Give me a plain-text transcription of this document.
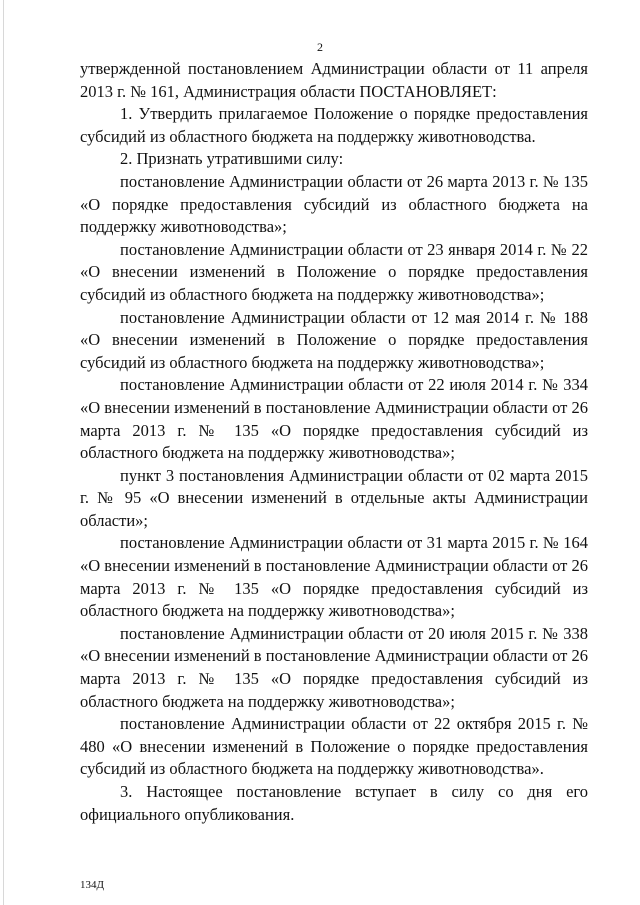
2

утвержденной постановлением Администрации области от 11 апреля 2013 г. № 161, Администрация области ПОСТАНОВЛЯЕТ:

1. Утвердить прилагаемое Положение о порядке предоставления субсидий из областного бюджета на поддержку животноводства.

2. Признать утратившими силу:

постановление Администрации области от 26 марта 2013 г. № 135 «О порядке предоставления субсидий из областного бюджета на поддержку животноводства»;

постановление Администрации области от 23 января 2014 г. № 22 «О внесении изменений в Положение о порядке предоставления субсидий из областного бюджета на поддержку животноводства»;

постановление Администрации области от 12 мая 2014 г. № 188 «О внесении изменений в Положение о порядке предоставления субсидий из областного бюджета на поддержку животноводства»;

постановление Администрации области от 22 июля 2014 г. № 334 «О внесении изменений в постановление Администрации области от 26 марта 2013 г. № 135 «О порядке предоставления субсидий из областного бюджета на поддержку животноводства»;

пункт 3 постановления Администрации области от 02 марта 2015 г. № 95 «О внесении изменений в отдельные акты Администрации области»;

постановление Администрации области от 31 марта 2015 г. № 164 «О внесении изменений в постановление Администрации области от 26 марта 2013 г. № 135 «О порядке предоставления субсидий из областного бюджета на поддержку животноводства»;

постановление Администрации области от 20 июля 2015 г. № 338 «О внесении изменений в постановление Администрации области от 26 марта 2013 г. № 135 «О порядке предоставления субсидий из областного бюджета на поддержку животноводства»;

постановление Администрации области от 22 октября 2015 г. № 480 «О внесении изменений в Положение о порядке предоставления субсидий из областного бюджета на поддержку животноводства».

3. Настоящее постановление вступает в силу со дня его официального опубликования.

134Д
